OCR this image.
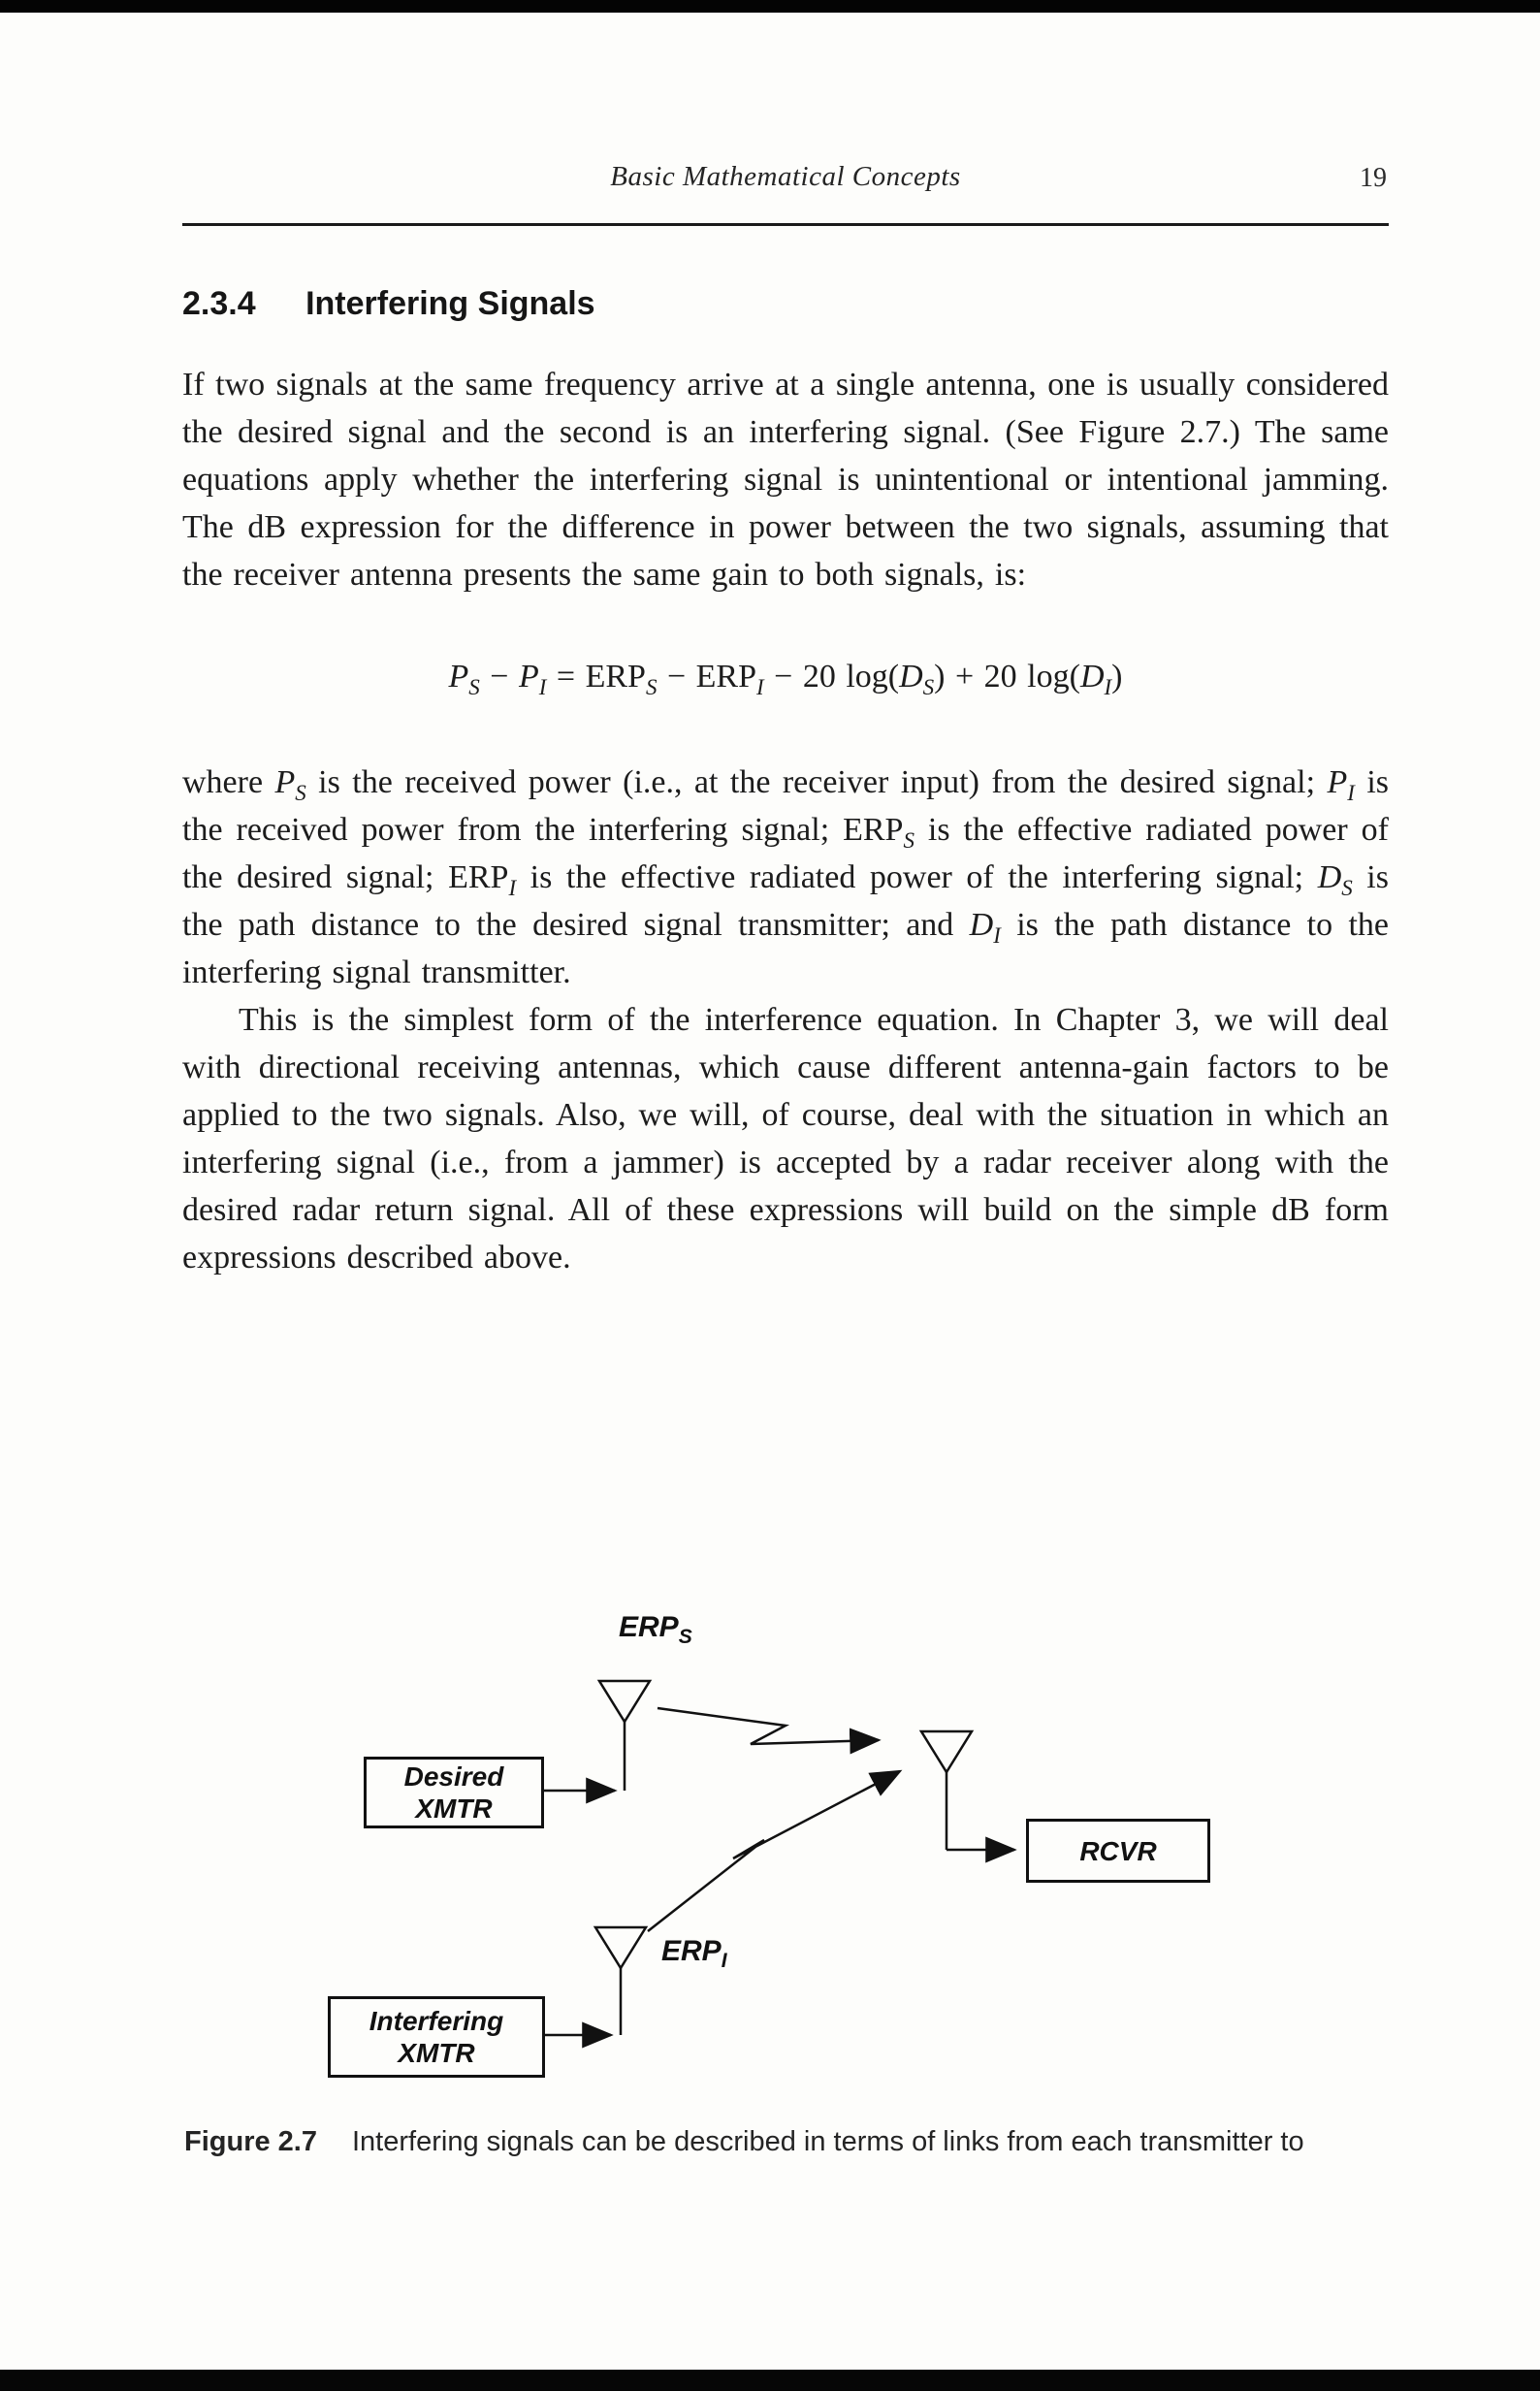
Basic Mathematical Concepts	19
2.3.4 Interfering Signals

If two signals at the same frequency arrive at a single antenna, one is usually considered the desired signal and the second is an interfering signal. (See Figure 2.7.) The same equations apply whether the interfering signal is unintentional or intentional jamming. The dB expression for the difference in power between the two signals, assuming that the receiver antenna presents the same gain to both signals, is:

$P_S - P_I = ERP_S - ERP_I - 20$ $\log(D_S) + 20$ $\log(D_I)$

where $P_S$ is the received power (i.e., at the receiver input) from the desired signal; $P_I$ is the received power from the interfering signal; $ERP_S$ is the effective radiated power of the desired signal; $ERP_I$ is the effective radiated power of the interfering signal; $D_S$ is the path distance to the desired signal transmitter; and $D_I$ is the path distance to the interfering signal transmitter.

This is the simplest form of the interference equation. In Chapter 3, we will deal with directional receiving antennas, which cause different antenna-gain factors to be applied to the two signals. Also, we will, of course, deal with the situation in which an interfering signal (i.e., from a jammer) is accepted by a radar receiver along with the desired radar return signal. All of these expressions will build on the simple dB form expressions described above.

$ERP_S$
$ERP_I$
Desired
XMTR
Interfering
XMTR
RCVR
Figure 2.7 Interfering signals can be described in terms of links from each transmitter to
